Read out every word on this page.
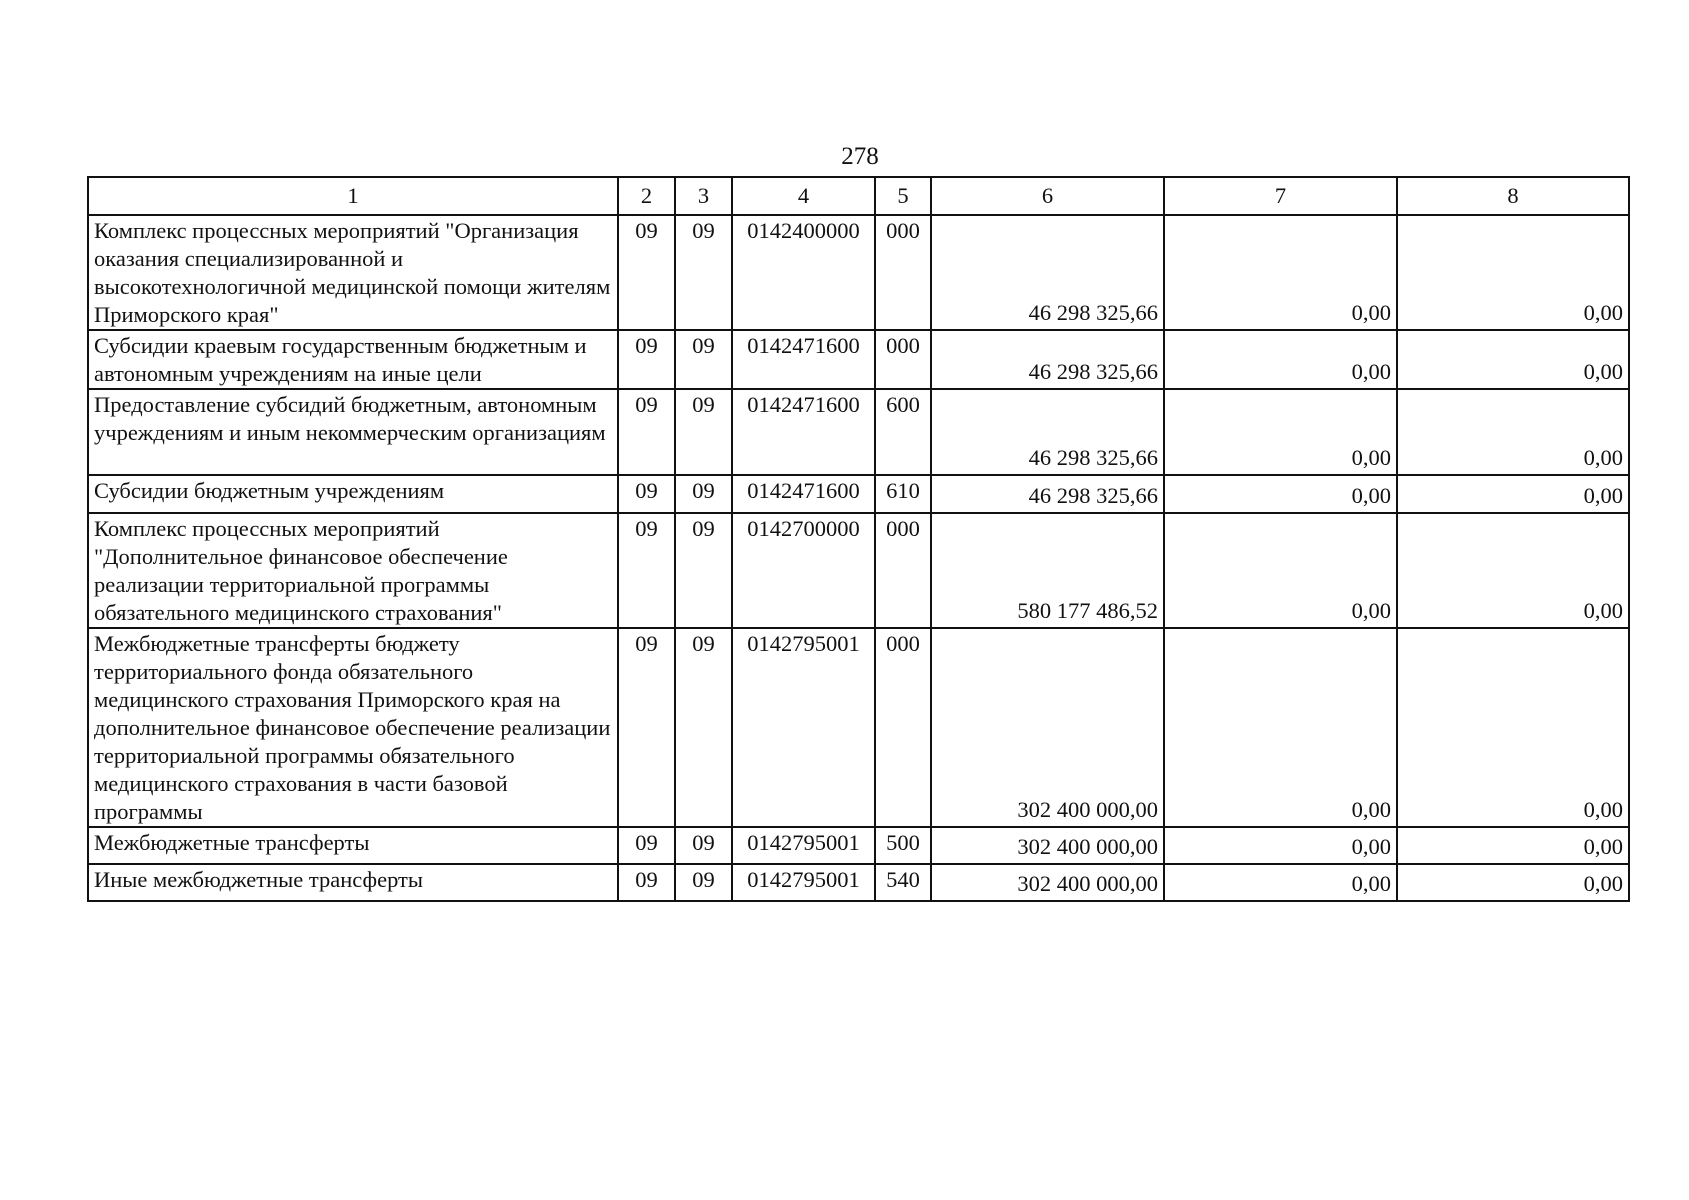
278
1	2	3	4	5	6	7	8
Комплекс процессных мероприятий "Организация оказания специализированной и высокотехнологичной медицинской помощи жителям Приморского края"	09	09	0142400000	000	46 298 325,66	0,00	0,00
Субсидии краевым государственным бюджетным и автономным учреждениям на иные цели	09	09	0142471600	000	46 298 325,66	0,00	0,00
Предоставление субсидий бюджетным, автономным учреждениям и иным некоммерческим организациям	09	09	0142471600	600	46 298 325,66	0,00	0,00
Субсидии бюджетным учреждениям	09	09	0142471600	610	46 298 325,66	0,00	0,00
Комплекс процессных мероприятий "Дополнительное финансовое обеспечение реализации территориальной программы обязательного медицинского страхования"	09	09	0142700000	000	580 177 486,52	0,00	0,00
Межбюджетные трансферты бюджету территориального фонда обязательного медицинского страхования Приморского края на дополнительное финансовое обеспечение реализации территориальной программы обязательного медицинского страхования в части базовой программы	09	09	0142795001	000	302 400 000,00	0,00	0,00
Межбюджетные трансферты	09	09	0142795001	500	302 400 000,00	0,00	0,00
Иные межбюджетные трансферты	09	09	0142795001	540	302 400 000,00	0,00	0,00
